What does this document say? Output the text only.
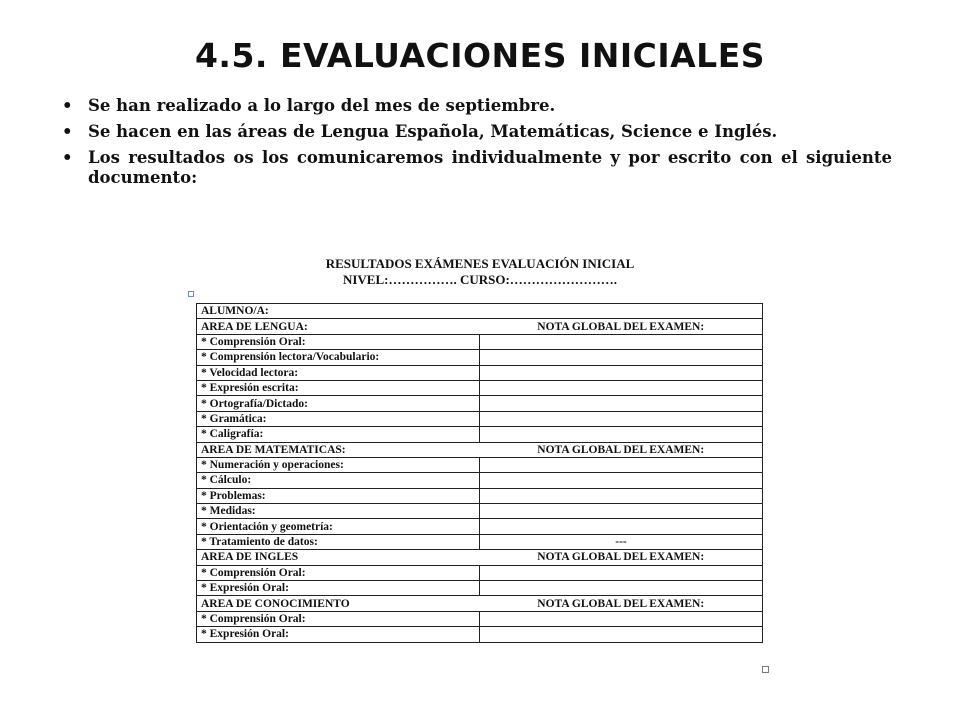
4.5. EVALUACIONES INICIALES
• Se han realizado a lo largo del mes de septiembre.
• Se hacen en las áreas de Lengua Española, Matemáticas, Science e Inglés.
• Los resultados os los comunicaremos individualmente y por escrito con el siguiente documento:
RESULTADOS EXÁMENES EVALUACIÓN INICIAL
NIVEL:……………. CURSO:…………………….
ALUMNO/A:	
AREA DE LENGUA:	NOTA GLOBAL DEL EXAMEN:
* Comprensión Oral:	
* Comprensión lectora/Vocabulario:	
* Velocidad lectora:	
* Expresión escrita:	
* Ortografía/Dictado:	
* Gramática:	
* Caligrafía:	
AREA DE MATEMATICAS:	NOTA GLOBAL DEL EXAMEN:
* Numeración y operaciones:	
* Cálculo:	
* Problemas:	
* Medidas:	
* Orientación y geometría:	
* Tratamiento de datos:	---
AREA DE INGLES	NOTA GLOBAL DEL EXAMEN:
* Comprensión Oral:	
* Expresión Oral:	
AREA DE CONOCIMIENTO	NOTA GLOBAL DEL EXAMEN:
* Comprensión Oral:	
* Expresión Oral:	
